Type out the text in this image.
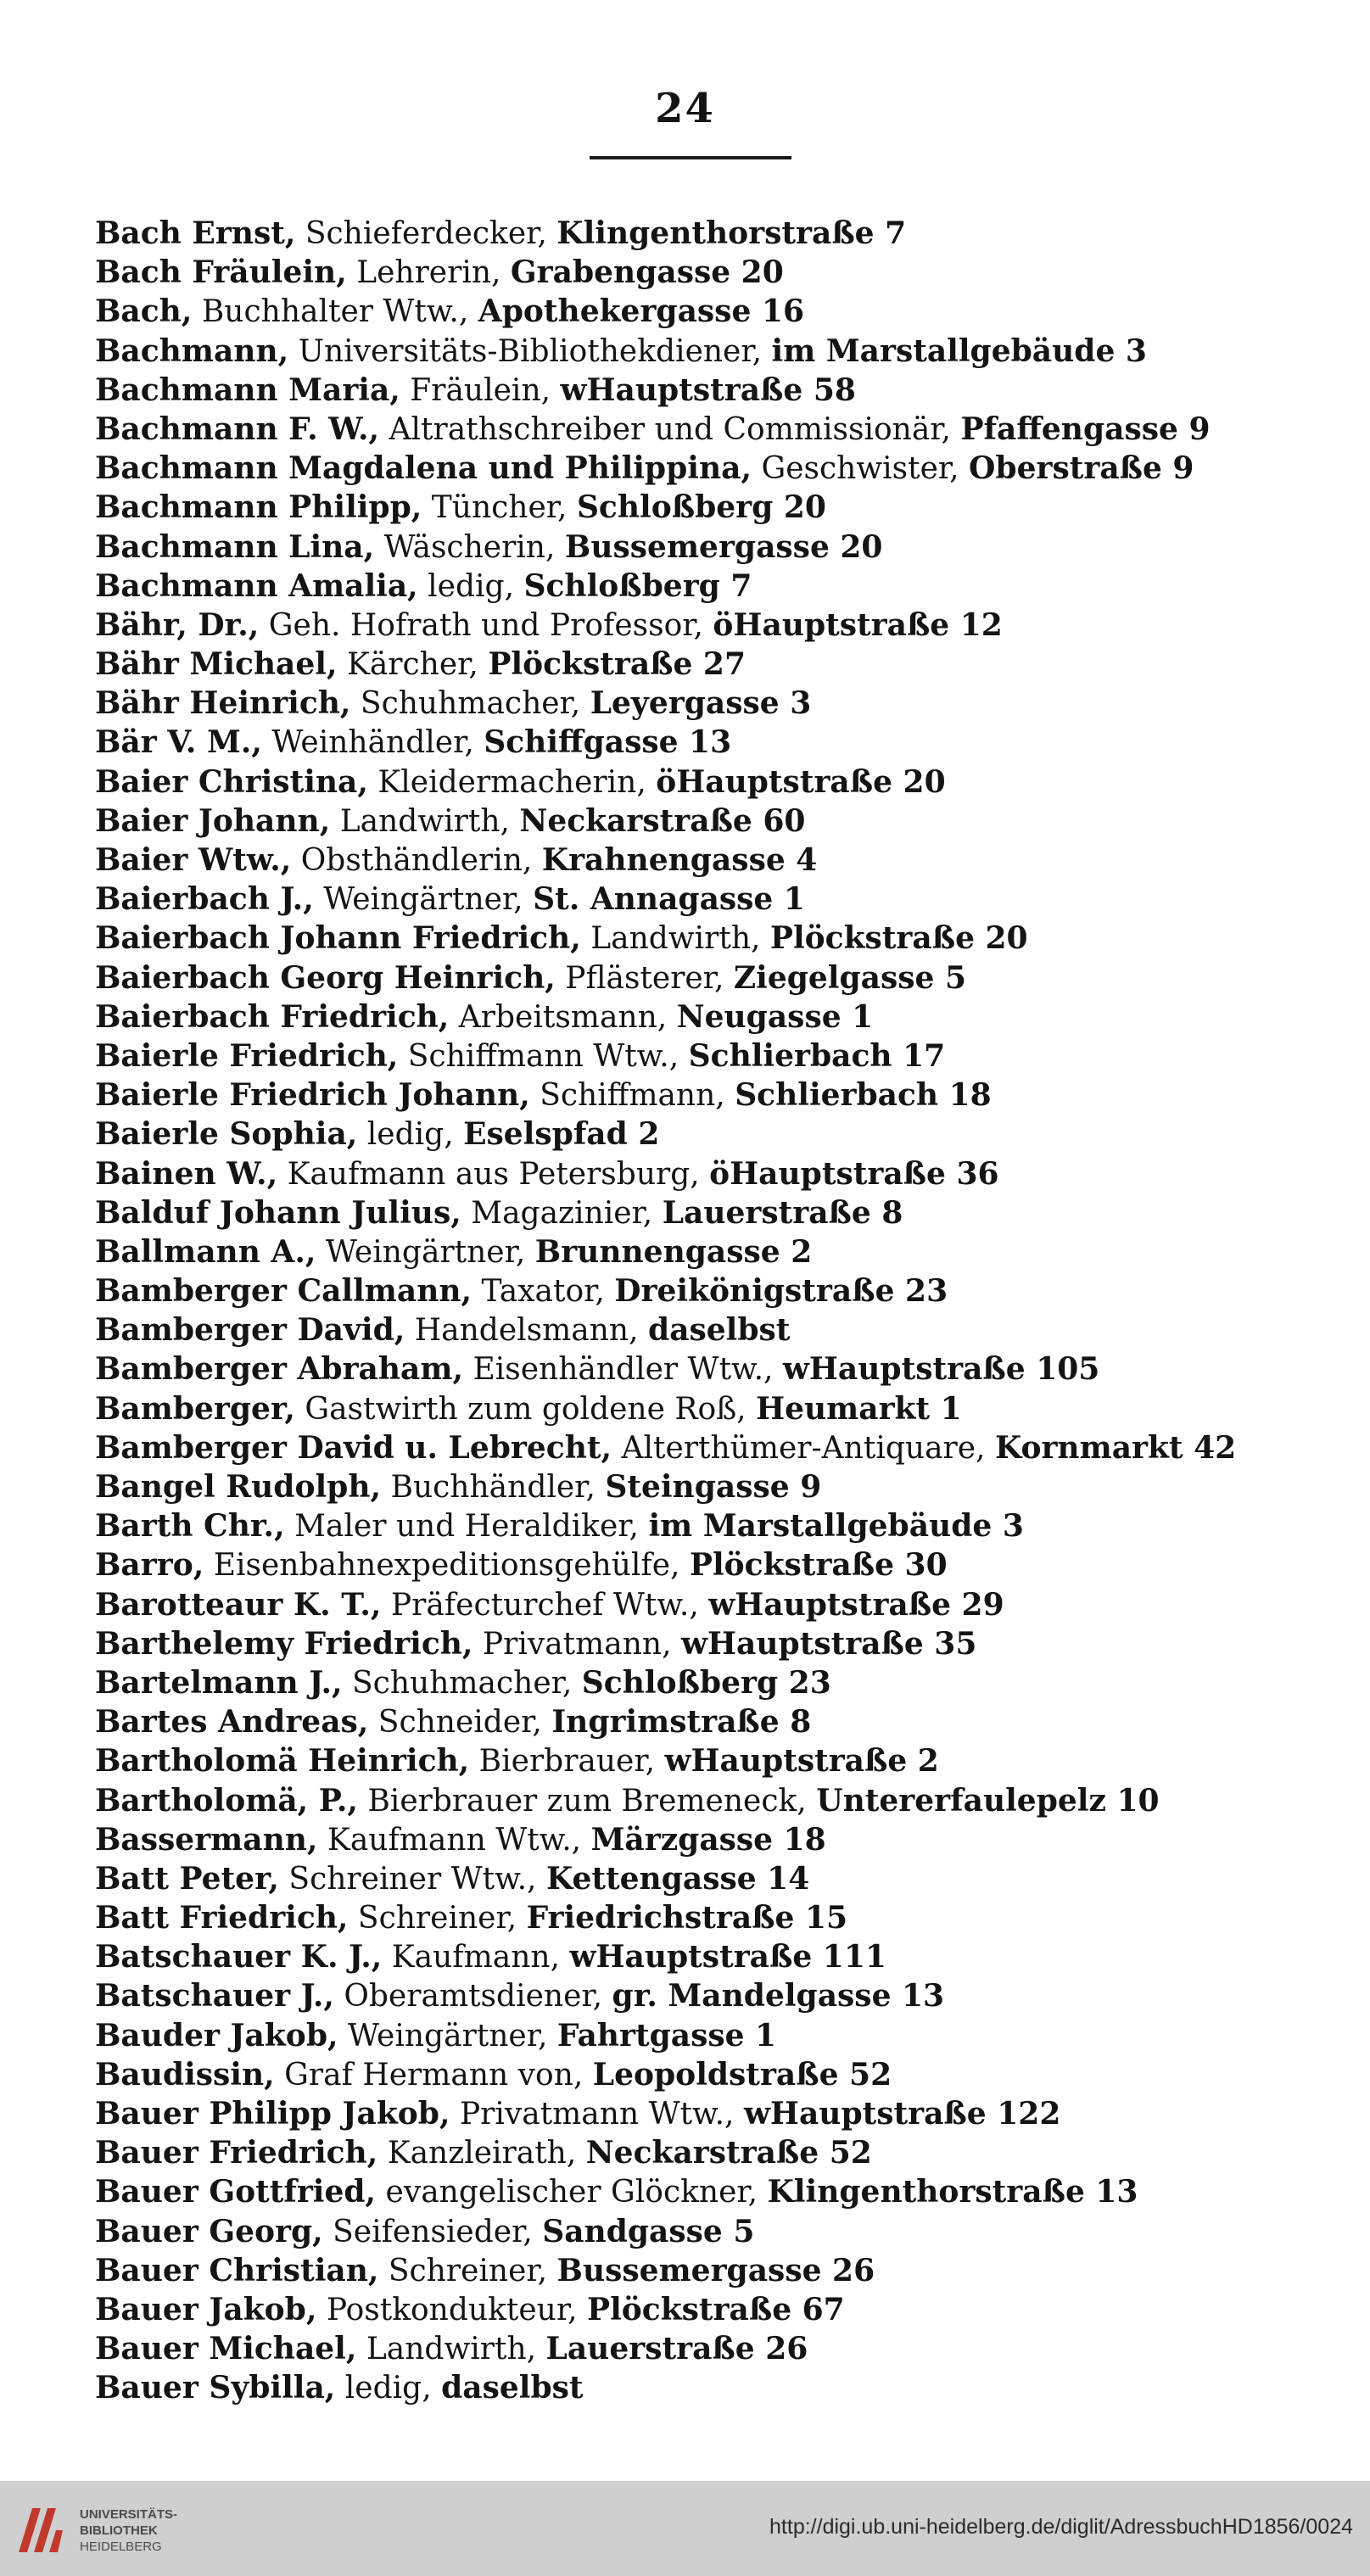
24
Bach Ernst, Schieferdecker, Klingenthorstraße 7
Bach Fräulein, Lehrerin, Grabengasse 20
Bach, Buchhalter Wtw., Apothekergasse 16
Bachmann, Universitäts-Bibliothekdiener, im Marstallgebäude 3
Bachmann Maria, Fräulein, wHauptstraße 58
Bachmann F. W., Altrathschreiber und Commissionär, Pfaffengasse 9
Bachmann Magdalena und Philippina, Geschwister, Oberstraße 9
Bachmann Philipp, Tüncher, Schloßberg 20
Bachmann Lina, Wäscherin, Bussemergasse 20
Bachmann Amalia, ledig, Schloßberg 7
Bähr, Dr., Geh. Hofrath und Professor, öHauptstraße 12
Bähr Michael, Kärcher, Plöckstraße 27
Bähr Heinrich, Schuhmacher, Leyergasse 3
Bär V. M., Weinhändler, Schiffgasse 13
Baier Christina, Kleidermacherin, öHauptstraße 20
Baier Johann, Landwirth, Neckarstraße 60
Baier Wtw., Obsthändlerin, Krahnengasse 4
Baierbach J., Weingärtner, St. Annagasse 1
Baierbach Johann Friedrich, Landwirth, Plöckstraße 20
Baierbach Georg Heinrich, Pflästerer, Ziegelgasse 5
Baierbach Friedrich, Arbeitsmann, Neugasse 1
Baierle Friedrich, Schiffmann Wtw., Schlierbach 17
Baierle Friedrich Johann, Schiffmann, Schlierbach 18
Baierle Sophia, ledig, Eselspfad 2
Bainen W., Kaufmann aus Petersburg, öHauptstraße 36
Balduf Johann Julius, Magazinier, Lauerstraße 8
Ballmann A., Weingärtner, Brunnengasse 2
Bamberger Callmann, Taxator, Dreikönigstraße 23
Bamberger David, Handelsmann, daselbst
Bamberger Abraham, Eisenhändler Wtw., wHauptstraße 105
Bamberger, Gastwirth zum goldene Roß, Heumarkt 1
Bamberger David u. Lebrecht, Alterthümer-Antiquare, Kornmarkt 42
Bangel Rudolph, Buchhändler, Steingasse 9
Barth Chr., Maler und Heraldiker, im Marstallgebäude 3
Barro, Eisenbahnexpeditionsgehülfe, Plöckstraße 30
Barotteaur K. T., Präfecturchef Wtw., wHauptstraße 29
Barthelemy Friedrich, Privatmann, wHauptstraße 35
Bartelmann J., Schuhmacher, Schloßberg 23
Bartes Andreas, Schneider, Ingrimstraße 8
Bartholomä Heinrich, Bierbrauer, wHauptstraße 2
Bartholomä, P., Bierbrauer zum Bremeneck, Untererfaulepelz 10
Bassermann, Kaufmann Wtw., Märzgasse 18
Batt Peter, Schreiner Wtw., Kettengasse 14
Batt Friedrich, Schreiner, Friedrichstraße 15
Batschauer K. J., Kaufmann, wHauptstraße 111
Batschauer J., Oberamtsdiener, gr. Mandelgasse 13
Bauder Jakob, Weingärtner, Fahrtgasse 1
Baudissin, Graf Hermann von, Leopoldstraße 52
Bauer Philipp Jakob, Privatmann Wtw., wHauptstraße 122
Bauer Friedrich, Kanzleirath, Neckarstraße 52
Bauer Gottfried, evangelischer Glöckner, Klingenthorstraße 13
Bauer Georg, Seifensieder, Sandgasse 5
Bauer Christian, Schreiner, Bussemergasse 26
Bauer Jakob, Postkondukteur, Plöckstraße 67
Bauer Michael, Landwirth, Lauerstraße 26
Bauer Sybilla, ledig, daselbst
UNIVERSITÄTS-
BIBLIOTHEK
HEIDELBERG
http://digi.ub.uni-heidelberg.de/diglit/AdressbuchHD1856/0024
